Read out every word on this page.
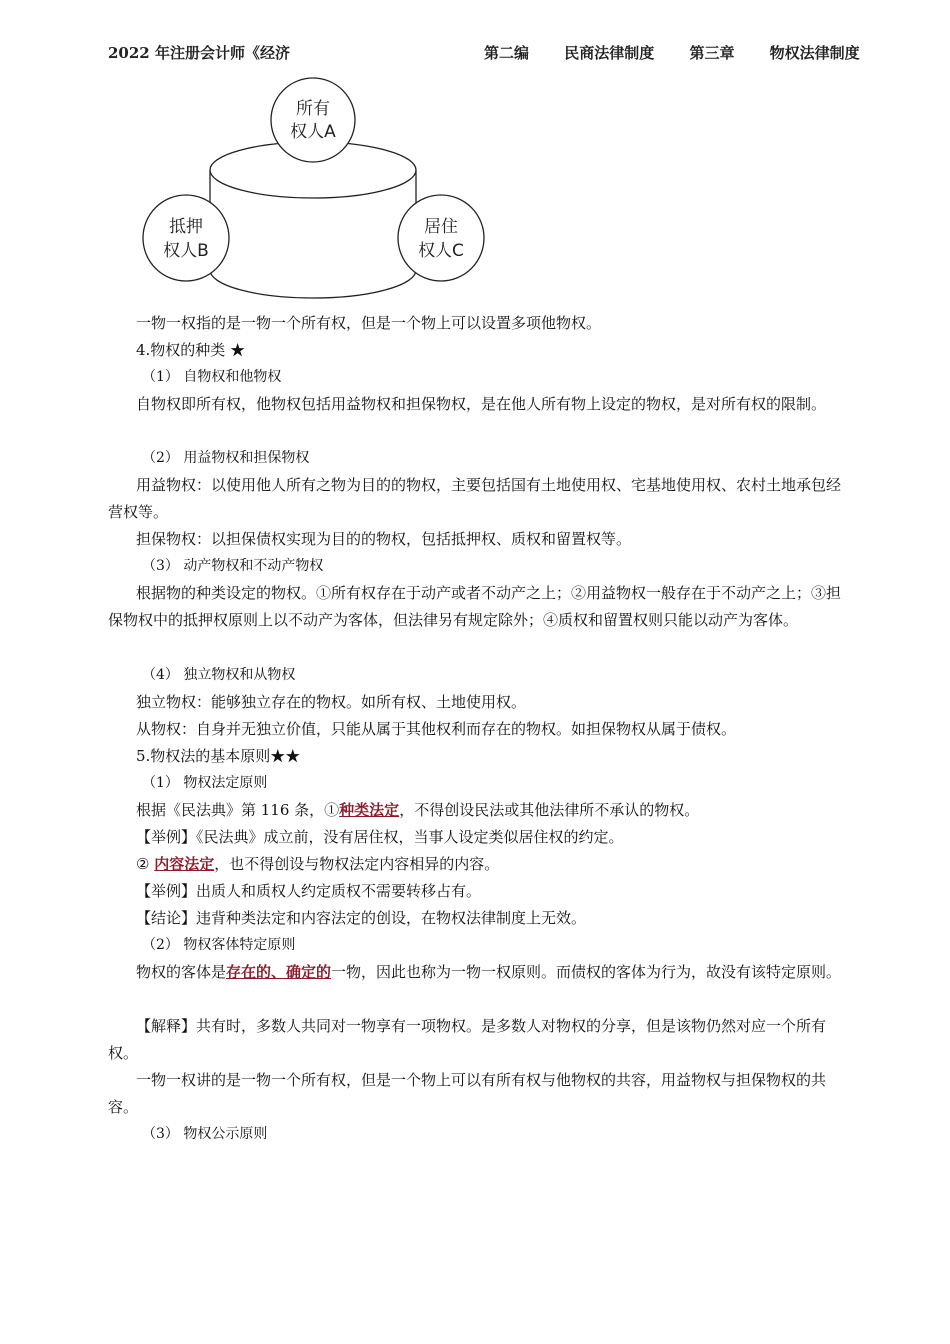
2022 年注册会计师《经济	第二编 民商法律制度 第三章 物权法律制度
所有
权人A
抵押
权人B
居住
权人C
一物一权指的是一物一个所有权，但是一个物上可以设置多项他物权。
4.物权的种类 ★
（1） 自物权和他物权
自物权即所有权，他物权包括用益物权和担保物权，是在他人所有物上设定的物权，是对所有权的限制。
（2） 用益物权和担保物权
用益物权：以使用他人所有之物为目的的物权，主要包括国有土地使用权、宅基地使用权、农村土地承包经营权等。
担保物权：以担保债权实现为目的的物权，包括抵押权、质权和留置权等。
（3） 动产物权和不动产物权
根据物的种类设定的物权。①所有权存在于动产或者不动产之上；②用益物权一般存在于不动产之上；③担保物权中的抵押权原则上以不动产为客体，但法律另有规定除外；④质权和留置权则只能以动产为客体。
（4） 独立物权和从物权
独立物权：能够独立存在的物权。如所有权、土地使用权。
从物权：自身并无独立价值，只能从属于其他权利而存在的物权。如担保物权从属于债权。
5.物权法的基本原则★★
（1） 物权法定原则
根据《民法典》第 116 条，①种类法定，不得创设民法或其他法律所不承认的物权。
【举例】《民法典》成立前，没有居住权，当事人设定类似居住权的约定。
② 内容法定，也不得创设与物权法定内容相异的内容。
【举例】出质人和质权人约定质权不需要转移占有。
【结论】违背种类法定和内容法定的创设，在物权法律制度上无效。
（2） 物权客体特定原则
物权的客体是存在的、确定的一物，因此也称为一物一权原则。而债权的客体为行为，故没有该特定原则。
【解释】共有时，多数人共同对一物享有一项物权。是多数人对物权的分享，但是该物仍然对应一个所有权。
一物一权讲的是一物一个所有权，但是一个物上可以有所有权与他物权的共容，用益物权与担保物权的共容。
（3） 物权公示原则
